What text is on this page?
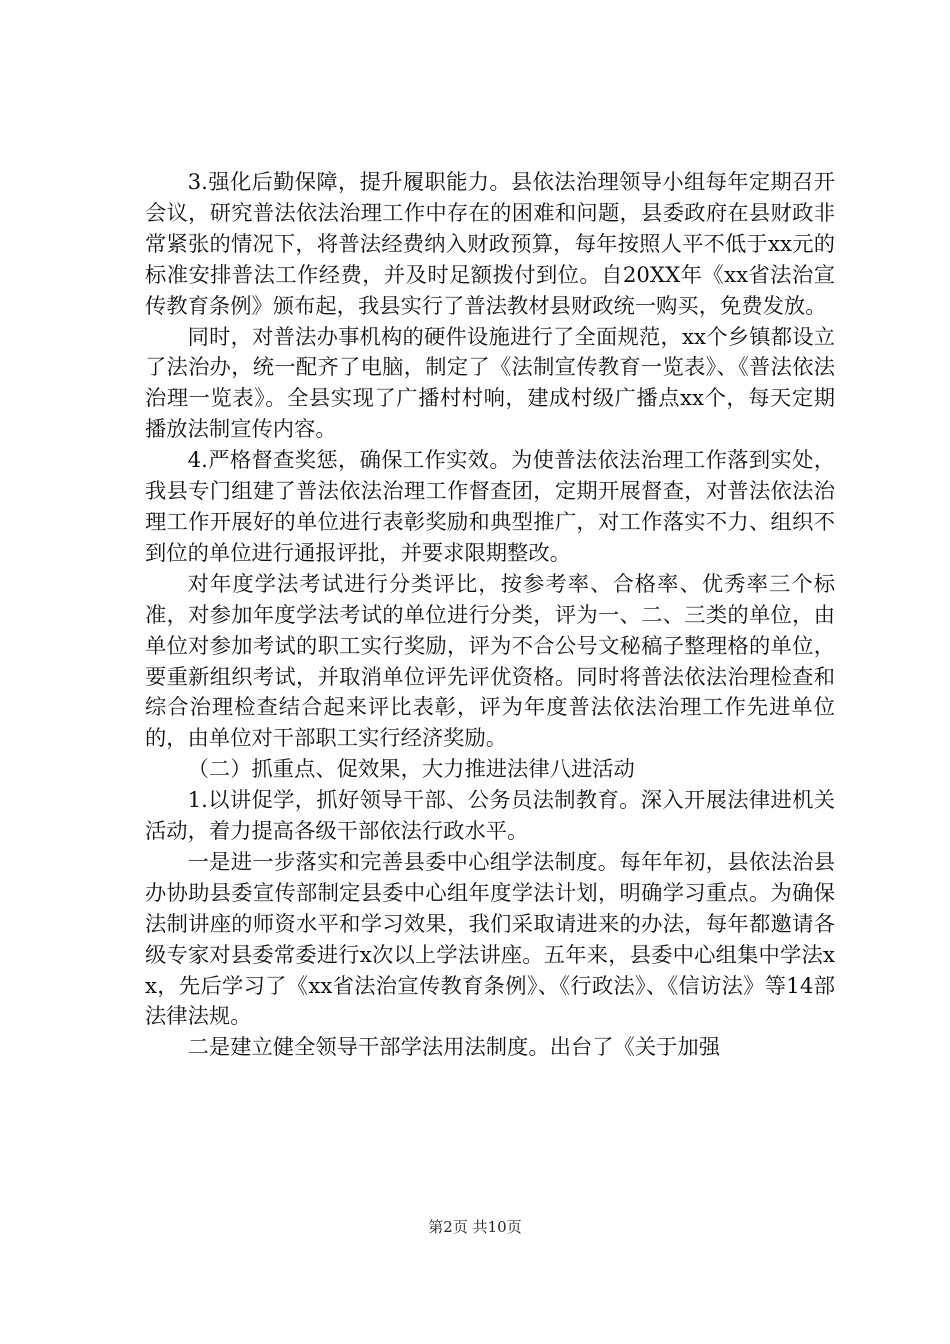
3.强化后勤保障，提升履职能力。县依法治理领导小组每年定期召开会议，研究普法依法治理工作中存在的困难和问题，县委政府在县财政非常紧张的情况下，将普法经费纳入财政预算，每年按照人平不低于xx元的标准安排普法工作经费，并及时足额拨付到位。自20XX年《xx省法治宣传教育条例》颁布起，我县实行了普法教材县财政统一购买，免费发放。

同时，对普法办事机构的硬件设施进行了全面规范，xx个乡镇都设立了法治办，统一配齐了电脑，制定了《法制宣传教育一览表》、《普法依法治理一览表》。全县实现了广播村村响，建成村级广播点xx个，每天定期播放法制宣传内容。

4.严格督查奖惩，确保工作实效。为使普法依法治理工作落到实处，我县专门组建了普法依法治理工作督查团，定期开展督查，对普法依法治理工作开展好的单位进行表彰奖励和典型推广，对工作落实不力、组织不到位的单位进行通报评批，并要求限期整改。

对年度学法考试进行分类评比，按参考率、合格率、优秀率三个标准，对参加年度学法考试的单位进行分类，评为一、二、三类的单位，由单位对参加考试的职工实行奖励，评为不合公号文秘稿子整理格的单位，要重新组织考试，并取消单位评先评优资格。同时将普法依法治理检查和综合治理检查结合起来评比表彰，评为年度普法依法治理工作先进单位的，由单位对干部职工实行经济奖励。

（二）抓重点、促效果，大力推进法律八进活动

1.以讲促学，抓好领导干部、公务员法制教育。深入开展法律进机关活动，着力提高各级干部依法行政水平。

一是进一步落实和完善县委中心组学法制度。每年年初，县依法治县办协助县委宣传部制定县委中心组年度学法计划，明确学习重点。为确保法制讲座的师资水平和学习效果，我们采取请进来的办法，每年都邀请各级专家对县委常委进行x次以上学法讲座。五年来，县委中心组集中学法xx，先后学习了《xx省法治宣传教育条例》、《行政法》、《信访法》等14部法律法规。

二是建立健全领导干部学法用法制度。出台了《关于加强

第2页 共10页
